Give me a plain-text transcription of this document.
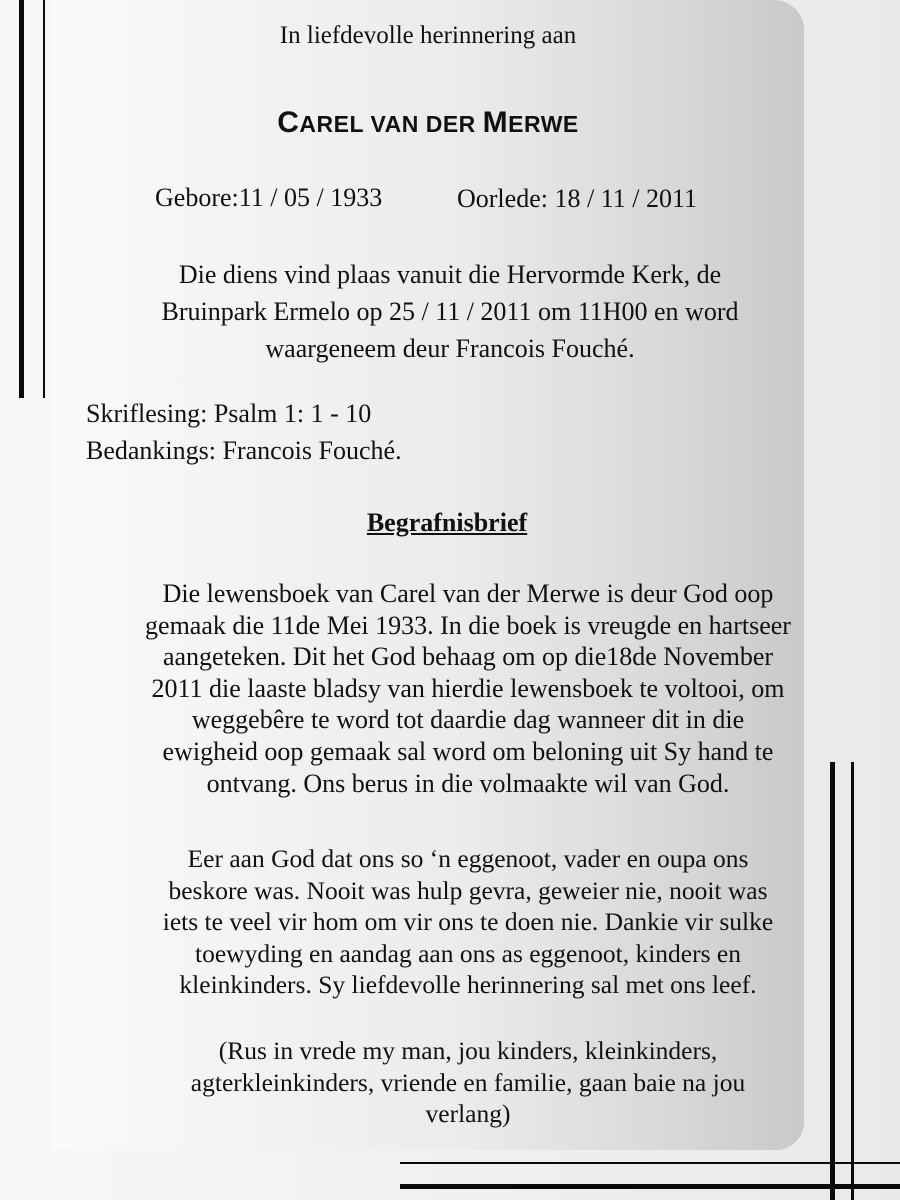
In liefdevolle herinnering aan
CAREL VAN DER MERWE
Gebore:11 / 05 / 1933	Oorlede: 18 / 11 / 2011
Die diens vind plaas vanuit die Hervormde Kerk, de
Bruinpark Ermelo op 25 / 11 / 2011 om 11H00 en word
waargeneem deur Francois Fouché.
Skriflesing: Psalm 1: 1 - 10
Bedankings: Francois Fouché.
Begrafnisbrief
Die lewensboek van Carel van der Merwe is deur God oop
gemaak die 11de Mei 1933. In die boek is vreugde en hartseer
aangeteken. Dit het God behaag om op die18de November
2011 die laaste bladsy van hierdie lewensboek te voltooi, om
weggebêre te word tot daardie dag wanneer dit in die
ewigheid oop gemaak sal word om beloning uit Sy hand te
ontvang. Ons berus in die volmaakte wil van God.
Eer aan God dat ons so ‘n eggenoot, vader en oupa ons
beskore was. Nooit was hulp gevra, geweier nie, nooit was
iets te veel vir hom om vir ons te doen nie. Dankie vir sulke
toewyding en aandag aan ons as eggenoot, kinders en
kleinkinders. Sy liefdevolle herinnering sal met ons leef.
(Rus in vrede my man, jou kinders, kleinkinders,
agterkleinkinders, vriende en familie, gaan baie na jou
verlang)
